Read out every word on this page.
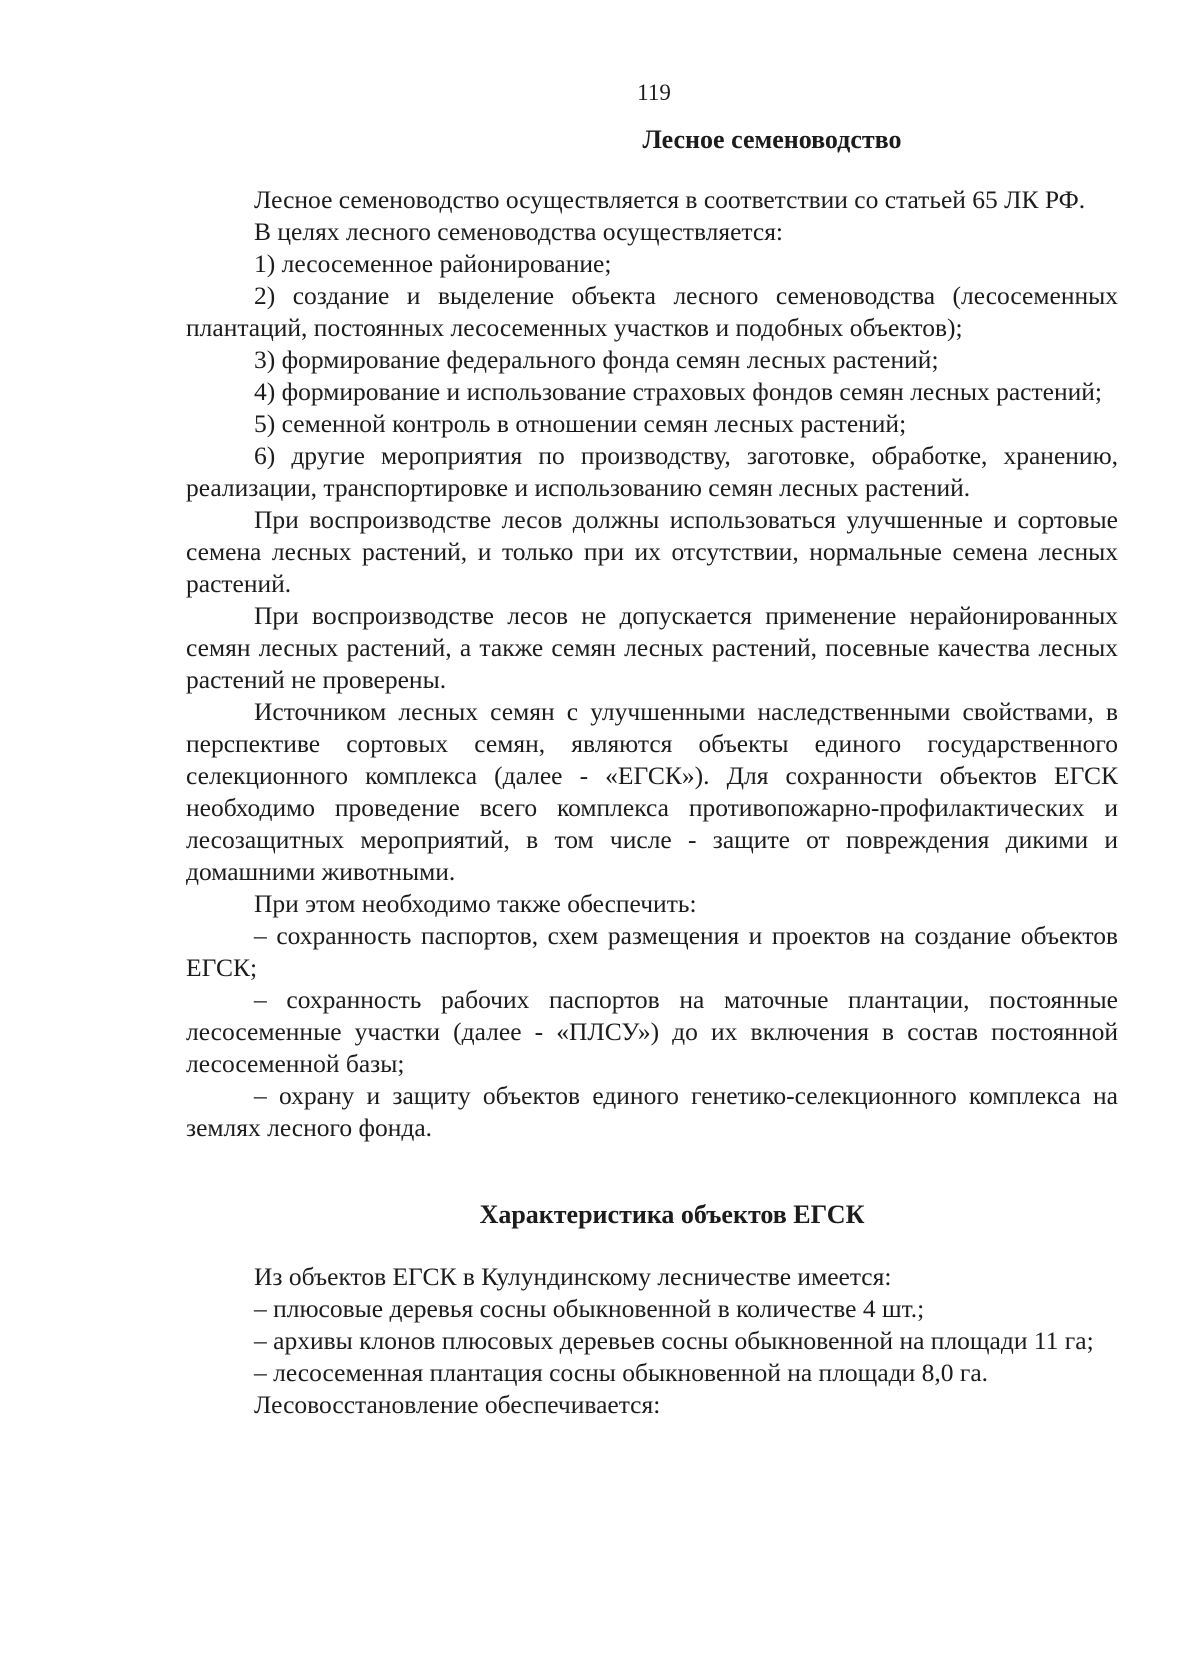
119
Лесное семеноводство

Лесное семеноводство осуществляется в соответствии со статьей 65 ЛК РФ.

В целях лесного семеноводства осуществляется:

1) лесосеменное районирование;

2) создание и выделение объекта лесного семеноводства (лесосеменных плантаций, постоянных лесосеменных участков и подобных объектов);

3) формирование федерального фонда семян лесных растений;

4) формирование и использование страховых фондов семян лесных растений;

5) семенной контроль в отношении семян лесных растений;

6) другие мероприятия по производству, заготовке, обработке, хранению, реализации, транспортировке и использованию семян лесных растений.

При воспроизводстве лесов должны использоваться улучшенные и сортовые семена лесных растений, и только при их отсутствии, нормальные семена лесных растений.

При воспроизводстве лесов не допускается применение нерайонированных семян лесных растений, а также семян лесных растений, посевные качества лесных растений не проверены.

Источником лесных семян с улучшенными наследственными свойствами, в перспективе сортовых семян, являются объекты единого государственного селекционного комплекса (далее - «ЕГСК»). Для сохранности объектов ЕГСК необходимо проведение всего комплекса противопожарно-профилактических и лесозащитных мероприятий, в том числе - защите от повреждения дикими и домашними животными.

При этом необходимо также обеспечить:

– сохранность паспортов, схем размещения и проектов на создание объектов ЕГСК;

– сохранность рабочих паспортов на маточные плантации, постоянные лесосеменные участки (далее - «ПЛСУ») до их включения в состав постоянной лесосеменной базы;

– охрану и защиту объектов единого генетико-селекционного комплекса на землях лесного фонда.

Характеристика объектов ЕГСК

Из объектов ЕГСК в Кулундинскому лесничестве имеется:

– плюсовые деревья сосны обыкновенной в количестве 4 шт.;

– архивы клонов плюсовых деревьев сосны обыкновенной на площади 11 га;

– лесосеменная плантация сосны обыкновенной на площади 8,0 га.

Лесовосстановление обеспечивается:
